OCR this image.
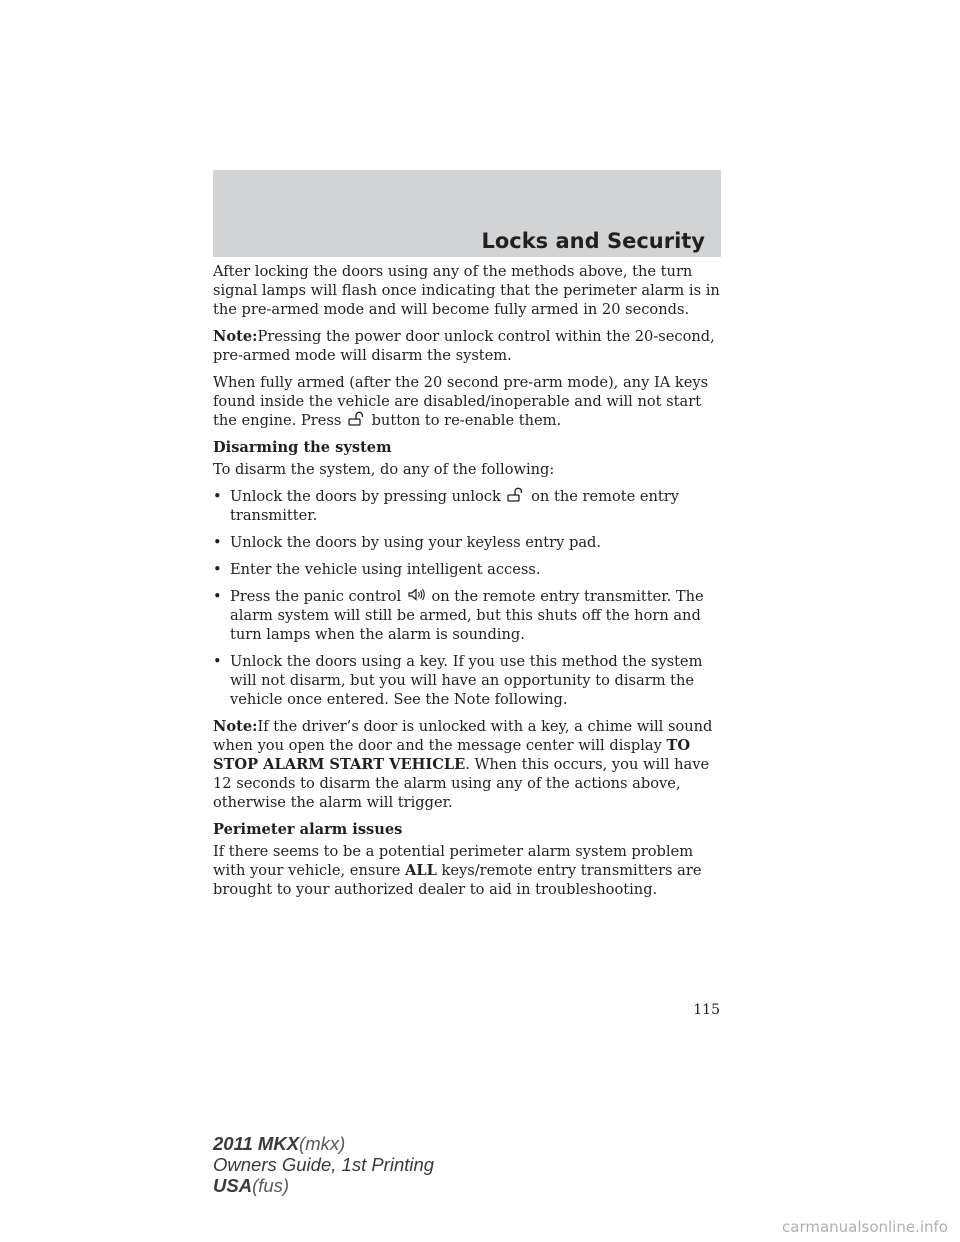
Locks and Security

After locking the doors using any of the methods above, the turn signal lamps will flash once indicating that the perimeter alarm is in the pre-armed mode and will become fully armed in 20 seconds.

Note:Pressing the power door unlock control within the 20-second, pre-armed mode will disarm the system.

When fully armed (after the 20 second pre-arm mode), any IA keys found inside the vehicle are disabled/inoperable and will not start the engine. Press button to re-enable them.

Disarming the system

To disarm the system, do any of the following:

• Unlock the doors by pressing unlock on the remote entry transmitter.
• Unlock the doors by using your keyless entry pad.
• Enter the vehicle using intelligent access.
• Press the panic control on the remote entry transmitter. The alarm system will still be armed, but this shuts off the horn and turn lamps when the alarm is sounding.
• Unlock the doors using a key. If you use this method the system will not disarm, but you will have an opportunity to disarm the vehicle once entered. See the Note following.

Note:If the driver’s door is unlocked with a key, a chime will sound when you open the door and the message center will display TO STOP ALARM START VEHICLE. When this occurs, you will have 12 seconds to disarm the alarm using any of the actions above, otherwise the alarm will trigger.

Perimeter alarm issues

If there seems to be a potential perimeter alarm system problem with your vehicle, ensure ALL keys/remote entry transmitters are brought to your authorized dealer to aid in troubleshooting.

115
2011 MKX(mkx)
Owners Guide, 1st Printing
USA(fus)
carmanualsonline.info
